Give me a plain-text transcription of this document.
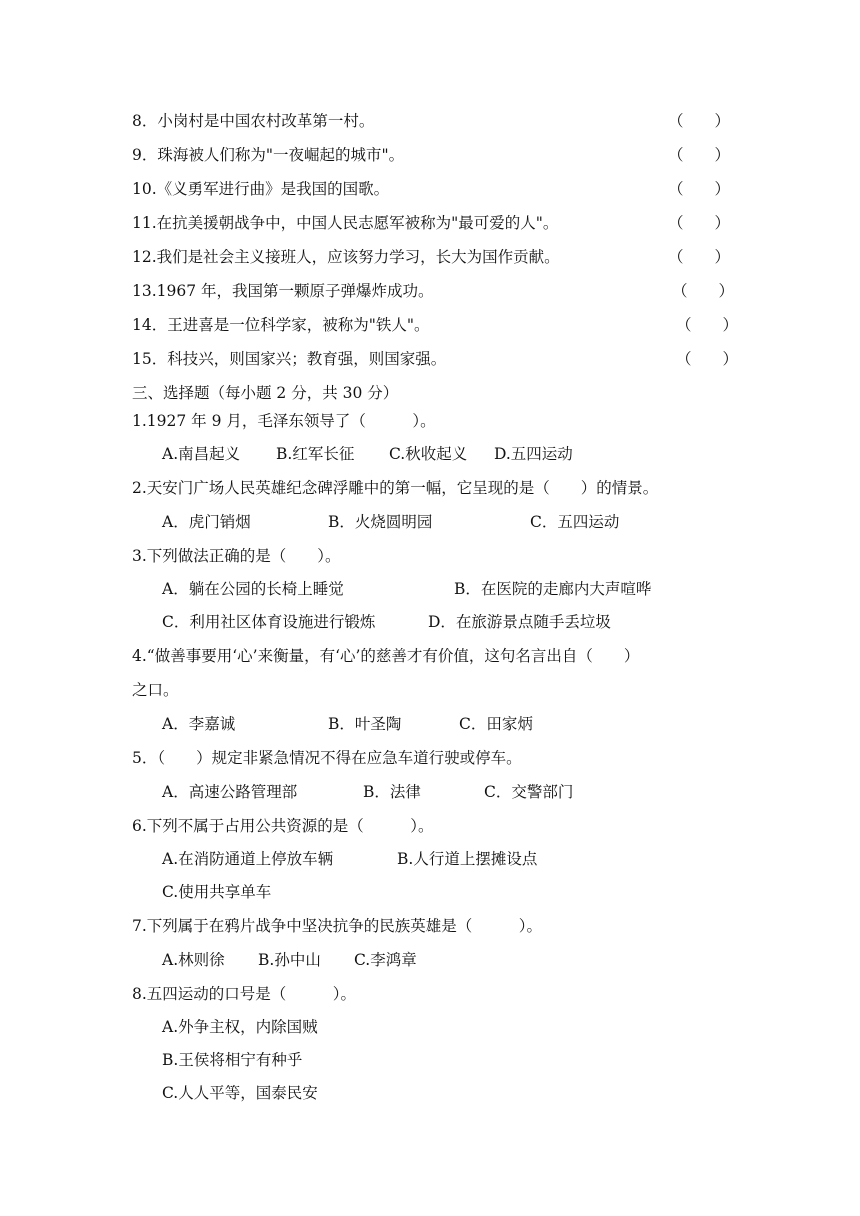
8．小岗村是中国农村改革第一村。	（　　）
9．珠海被人们称为"一夜崛起的城市"。	（　　）
10.《义勇军进行曲》是我国的国歌。	（　　）
11.在抗美援朝战争中，中国人民志愿军被称为"最可爱的人"。	（　　）
12.我们是社会主义接班人，应该努力学习，长大为国作贡献。	（　　）
13.1967 年，我国第一颗原子弹爆炸成功。	（　　）
14．王进喜是一位科学家，被称为"铁人"。	（　　）
15．科技兴，则国家兴；教育强，则国家强。	（　　）
三、选择题（每小题 2 分，共 30 分）
1.1927 年 9 月，毛泽东领导了（　　　）。
A.南昌起义 B.红军长征 C.秋收起义 D.五四运动
2.天安门广场人民英雄纪念碑浮雕中的第一幅，它呈现的是（　　）的情景。
A．虎门销烟	B．火烧圆明园	C．五四运动
3.下列做法正确的是（　　）。
A．躺在公园的长椅上睡觉	B．在医院的走廊内大声喧哗
C．利用社区体育设施进行锻炼	D．在旅游景点随手丢垃圾
4.“做善事要用‘心’来衡量，有‘心’的慈善才有价值，这句名言出自（　　）
之口。
A．李嘉诚	B．叶圣陶	C．田家炳
5．（　　）规定非紧急情况不得在应急车道行驶或停车。
A．高速公路管理部	B．法律	C．交警部门
6.下列不属于占用公共资源的是（　　　）。
A.在消防通道上停放车辆	B.人行道上摆摊设点
C.使用共享单车
7.下列属于在鸦片战争中坚决抗争的民族英雄是（　　　）。
A.林则徐 B.孙中山 C.李鸿章
8.五四运动的口号是（　　　）。
A.外争主权，内除国贼
B.王侯将相宁有种乎
C.人人平等，国泰民安
